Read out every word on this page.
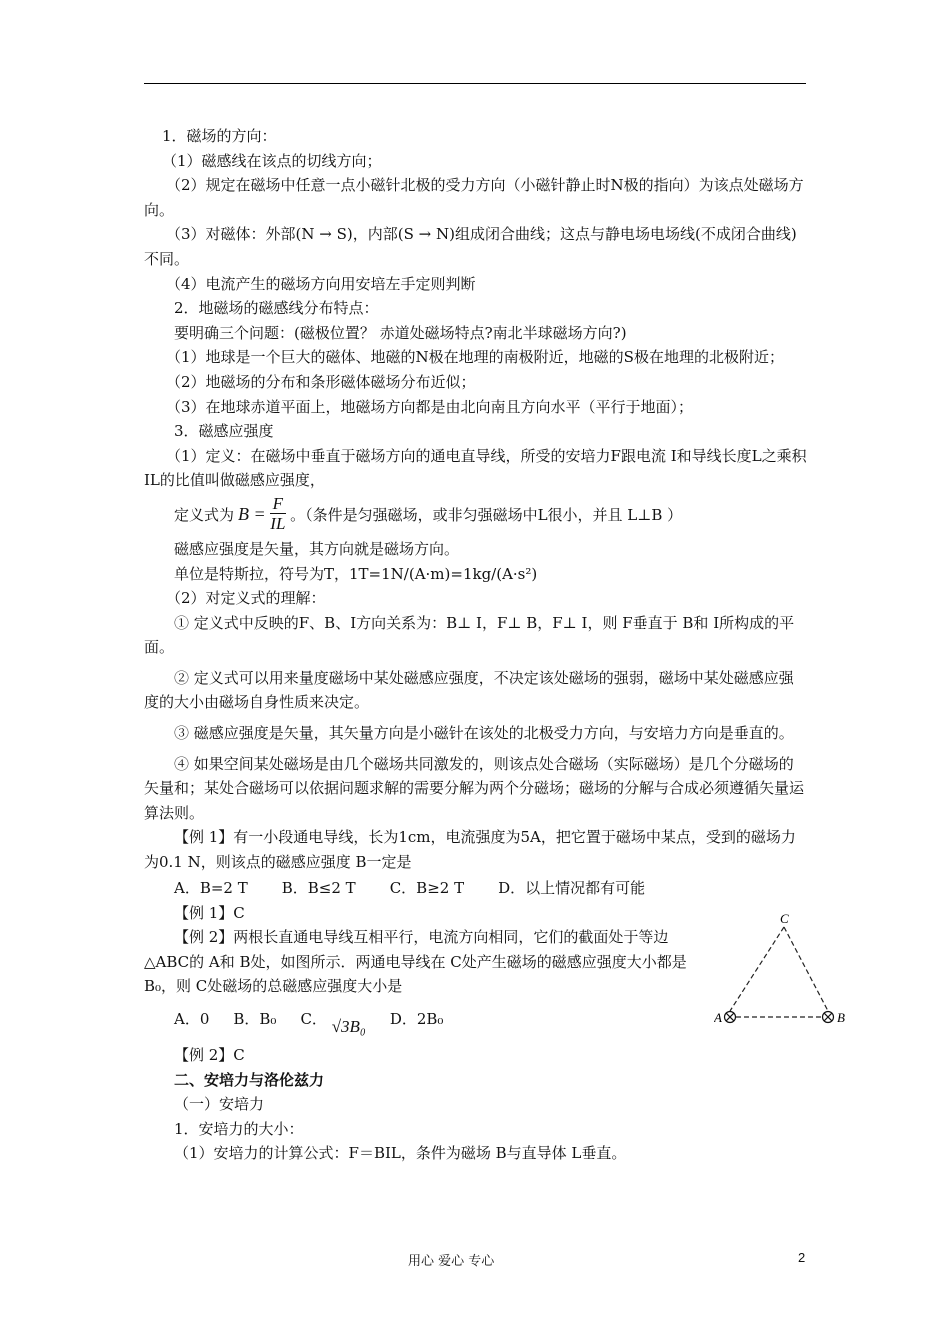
1．磁场的方向：

（1）磁感线在该点的切线方向；

（2）规定在磁场中任意一点小磁针北极的受力方向（小磁针静止时N极的指向）为该点处磁场方向。

（3）对磁体：外部(N → S)，内部(S → N)组成闭合曲线；这点与静电场电场线(不成闭合曲线)不同。

（4）电流产生的磁场方向用安培左手定则判断

2．地磁场的磁感线分布特点：

要明确三个问题：(磁极位置？ 赤道处磁场特点?南北半球磁场方向?)

（1）地球是一个巨大的磁体、地磁的N极在地理的南极附近，地磁的S极在地理的北极附近；

（2）地磁场的分布和条形磁体磁场分布近似；

（3）在地球赤道平面上，地磁场方向都是由北向南且方向水平（平行于地面）；

3．磁感应强度

（1）定义：在磁场中垂直于磁场方向的通电直导线，所受的安培力F跟电流 I和导线长度L之乘积 IL的比值叫做磁感应强度，

定义式为 $B = \frac{F}{IL}$ 。（条件是匀强磁场，或非匀强磁场中L很小，并且 L⊥B ）

磁感应强度是矢量，其方向就是磁场方向。

单位是特斯拉，符号为T，1T=1N/(A·m)=1kg/(A·s²)

（2）对定义式的理解：

① 定义式中反映的F、B、I方向关系为：B⊥ I，F⊥ B，F⊥ I，则 F垂直于 B和 I所构成的平面。

② 定义式可以用来量度磁场中某处磁感应强度，不决定该处磁场的强弱，磁场中某处磁感应强度的大小由磁场自身性质来决定。

③ 磁感应强度是矢量，其矢量方向是小磁针在该处的北极受力方向，与安培力方向是垂直的。

④ 如果空间某处磁场是由几个磁场共同激发的，则该点处合磁场（实际磁场）是几个分磁场的矢量和；某处合磁场可以依据问题求解的需要分解为两个分磁场；磁场的分解与合成必须遵循矢量运算法则。

【例 1】有一小段通电导线，长为1cm，电流强度为5A，把它置于磁场中某点，受到的磁场力为0.1 N，则该点的磁感应强度 B一定是

A．B=2 T B．B≤2 T C．B≥2 T D．以上情况都有可能

【例 1】C

【例 2】两根长直通电导线互相平行，电流方向相同，它们的截面处于等边△ABC的 A和 B处，如图所示．两通电导线在 C处产生磁场的磁感应强度大小都是 B₀，则 C处磁场的总磁感应强度大小是

A．0 B．B₀ C． √3B₀ D．2B₀
C
A	B

【例 2】C

二、安培力与洛伦兹力

（一）安培力

1．安培力的大小：

（1）安培力的计算公式：F＝BIL，条件为磁场 B与直导体 L垂直。

用心 爱心 专心	2
